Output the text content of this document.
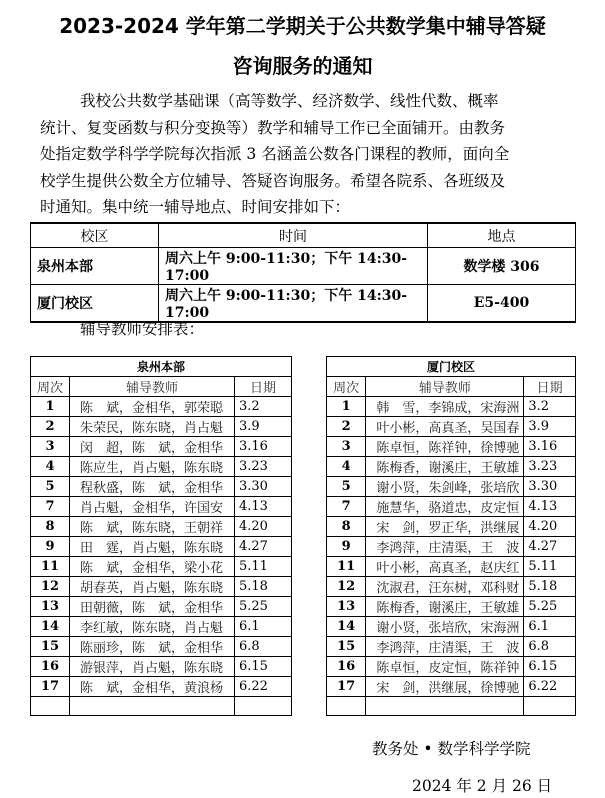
2023-2024 学年第二学期关于公共数学集中辅导答疑
咨询服务的通知
我校公共数学基础课（高等数学、经济数学、线性代数、概率
统计、复变函数与积分变换等）教学和辅导工作已全面铺开。由教务
处指定数学科学学院每次指派 3 名涵盖公数各门课程的教师，面向全
校学生提供公数全方位辅导、答疑咨询服务。希望各院系、各班级及
时通知。集中统一辅导地点、时间安排如下：
校区	时间	地点
泉州本部	周六上午 9:00-11:30；下午 14:30-17:00	数学楼 306
厦门校区	周六上午 9:00-11:30；下午 14:30-17:00	E5-400
辅导教师安排表：
泉州本部		
周次	辅导教师	日期
1	陈　斌，金相华，郭荣聪	3.2
2	朱荣民，陈东晓，肖占魁	3.9
3	闵　超，陈　斌，金相华	3.16
4	陈应生，肖占魁，陈东晓	3.23
5	程秋盛，陈　斌，金相华	3.30
7	肖占魁，金相华，许国安	4.13
8	陈　斌，陈东晓，王朝祥	4.20
9	田　霆，肖占魁，陈东晓	4.27
11	陈　斌，金相华，梁小花	5.11
12	胡春英，肖占魁，陈东晓	5.18
13	田朝薇，陈　斌，金相华	5.25
14	李红敏，陈东晓，肖占魁	6.1
15	陈丽珍，陈　斌，金相华	6.8
16	游银萍，肖占魁，陈东晓	6.15
17	陈　斌，金相华，黄浪杨	6.22

厦门校区		
周次	辅导教师	日期
1	韩　雪，李锦成，宋海洲	3.2
2	叶小彬，高真圣，吴国春	3.9
3	陈卓恒，陈祥钟，徐博驰	3.16
4	陈梅香，谢溪庄，王敏雄	3.23
5	谢小贤，朱剑峰，张培欣	3.30
7	施慧华，骆道忠，皮定恒	4.13
8	宋　剑，罗正华，洪继展	4.20
9	李鸿萍，庄清渠，王　波	4.27
11	叶小彬，高真圣，赵庆红	5.11
12	沈淑君，汪东树，邓科财	5.18
13	陈梅香，谢溪庄，王敏雄	5.25
14	谢小贤，张培欣，宋海洲	6.1
15	李鸿萍，庄清渠，王　波	6.8
16	陈卓恒，皮定恒，陈祥钟	6.15
17	宋　剑，洪继展，徐博驰	6.22

教务处 • 数学科学学院
2024 年 2 月 26 日
